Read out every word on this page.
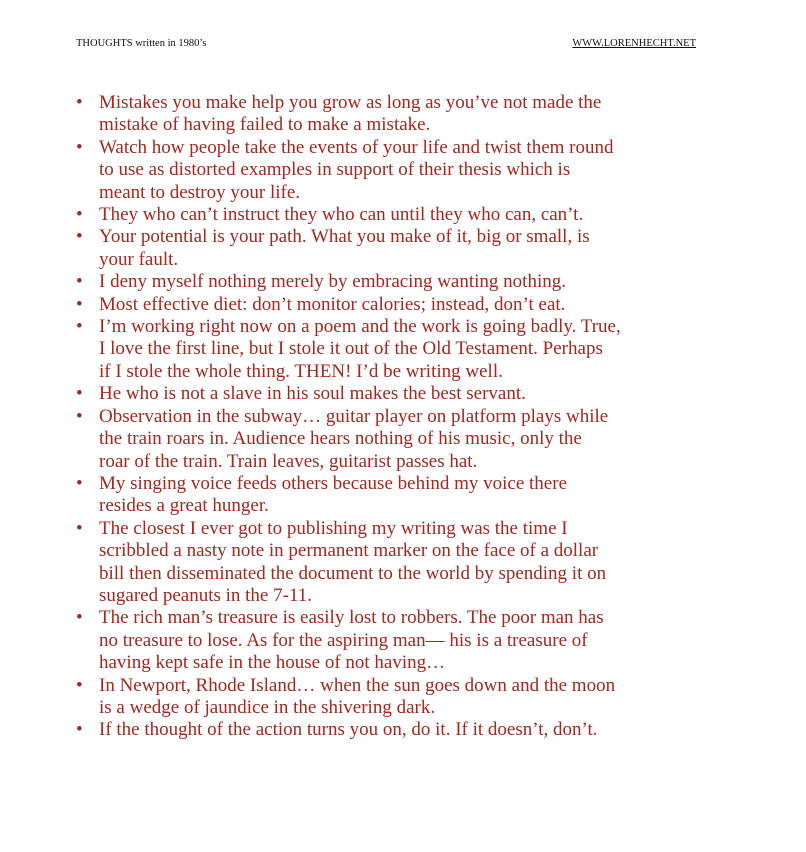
THOUGHTS written in 1980’s	WWW.LORENHECHT.NET
• Mistakes you make help you grow as long as you’ve not made the
mistake of having failed to make a mistake.
• Watch how people take the events of your life and twist them round
to use as distorted examples in support of their thesis which is
meant to destroy your life.
• They who can’t instruct they who can until they who can, can’t.
• Your potential is your path. What you make of it, big or small, is
your fault.
• I deny myself nothing merely by embracing wanting nothing.
• Most effective diet: don’t monitor calories; instead, don’t eat.
• I’m working right now on a poem and the work is going badly. True,
I love the first line, but I stole it out of the Old Testament. Perhaps
if I stole the whole thing. THEN! I’d be writing well.
• He who is not a slave in his soul makes the best servant.
• Observation in the subway… guitar player on platform plays while
the train roars in. Audience hears nothing of his music, only the
roar of the train. Train leaves, guitarist passes hat.
• My singing voice feeds others because behind my voice there
resides a great hunger.
• The closest I ever got to publishing my writing was the time I
scribbled a nasty note in permanent marker on the face of a dollar
bill then disseminated the document to the world by spending it on
sugared peanuts in the 7-11.
• The rich man’s treasure is easily lost to robbers. The poor man has
no treasure to lose. As for the aspiring man— his is a treasure of
having kept safe in the house of not having…
• In Newport, Rhode Island… when the sun goes down and the moon
is a wedge of jaundice in the shivering dark.
• If the thought of the action turns you on, do it. If it doesn’t, don’t.
